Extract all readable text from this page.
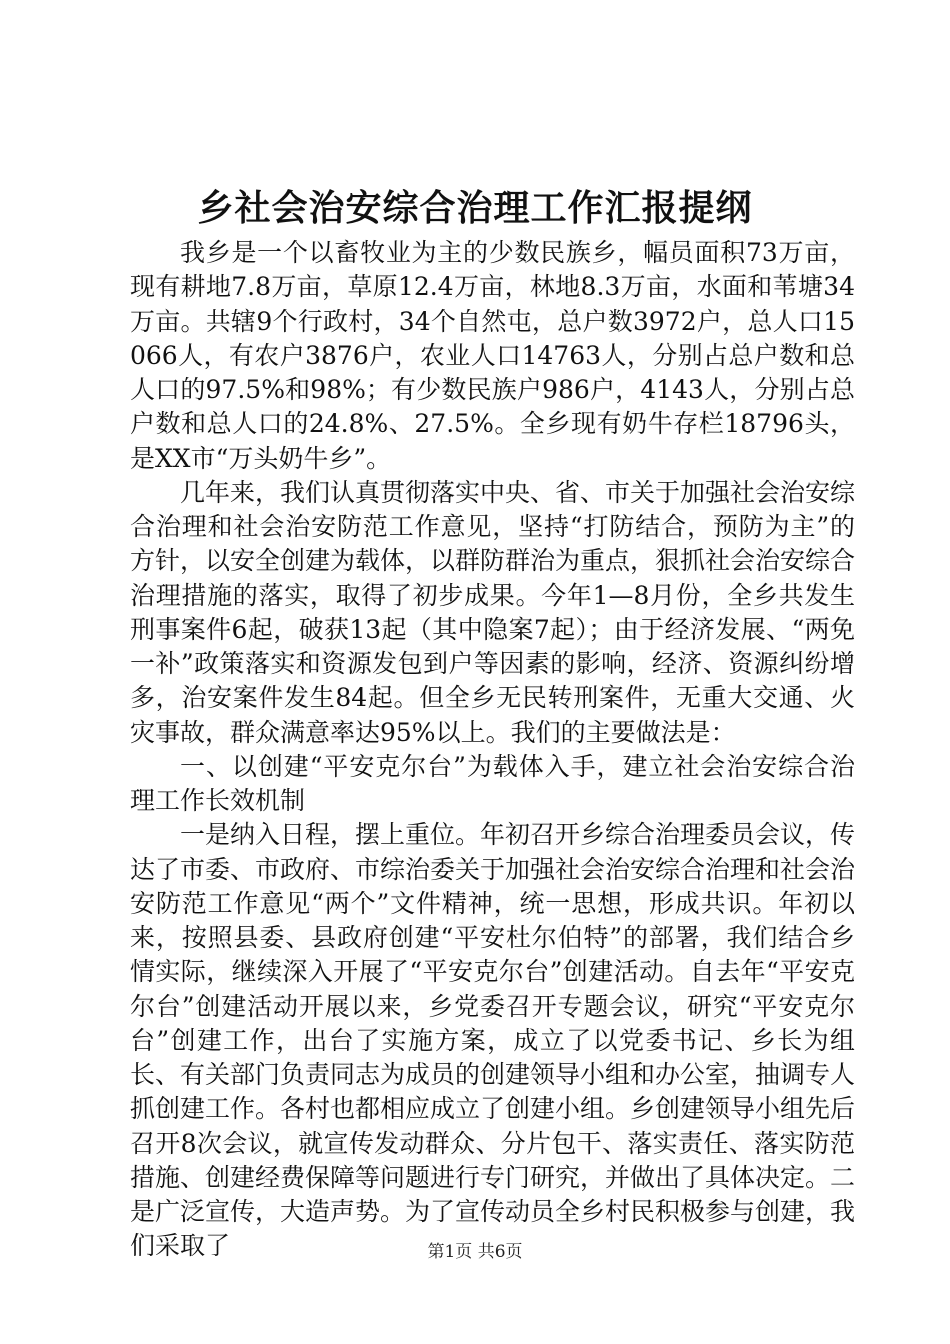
乡社会治安综合治理工作汇报提纲

我乡是一个以畜牧业为主的少数民族乡，幅员面积73万亩，现有耕地7.8万亩，草原12.4万亩，林地8.3万亩，水面和苇塘34万亩。共辖9个行政村，34个自然屯，总户数3972户，总人口15066人，有农户3876户，农业人口14763人，分别占总户数和总人口的97.5%和98%；有少数民族户986户，4143人，分别占总户数和总人口的24.8%、27.5%。全乡现有奶牛存栏18796头，是XX市“万头奶牛乡”。

几年来，我们认真贯彻落实中央、省、市关于加强社会治安综合治理和社会治安防范工作意见，坚持“打防结合，预防为主”的方针，以安全创建为载体，以群防群治为重点，狠抓社会治安综合治理措施的落实，取得了初步成果。今年1—8月份，全乡共发生刑事案件6起，破获13起（其中隐案7起）；由于经济发展、“两免一补”政策落实和资源发包到户等因素的影响，经济、资源纠纷增多，治安案件发生84起。但全乡无民转刑案件，无重大交通、火灾事故，群众满意率达95%以上。我们的主要做法是：

一、以创建“平安克尔台”为载体入手，建立社会治安综合治理工作长效机制

一是纳入日程，摆上重位。年初召开乡综合治理委员会议，传达了市委、市政府、市综治委关于加强社会治安综合治理和社会治安防范工作意见“两个”文件精神，统一思想，形成共识。年初以来，按照县委、县政府创建“平安杜尔伯特”的部署，我们结合乡情实际，继续深入开展了“平安克尔台”创建活动。自去年“平安克尔台”创建活动开展以来，乡党委召开专题会议，研究“平安克尔台”创建工作，出台了实施方案，成立了以党委书记、乡长为组长、有关部门负责同志为成员的创建领导小组和办公室，抽调专人抓创建工作。各村也都相应成立了创建小组。乡创建领导小组先后召开8次会议，就宣传发动群众、分片包干、落实责任、落实防范措施、创建经费保障等问题进行专门研究，并做出了具体决定。二是广泛宣传，大造声势。为了宣传动员全乡村民积极参与创建，我们采取了	第1页 共6页
